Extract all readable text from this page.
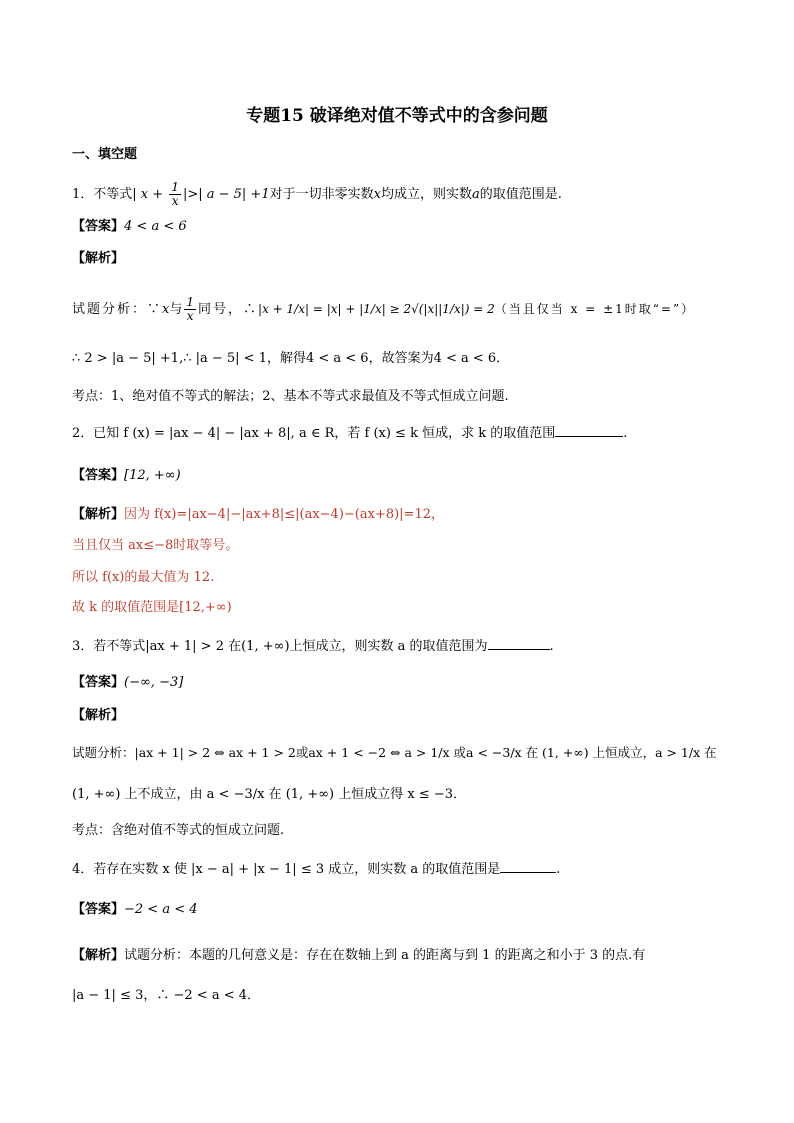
专题15 破译绝对值不等式中的含参问题
一、填空题
1．不等式| $x + \frac{1}{x}$ |>| a − 5| +1对于一切非零实数x均成立，则实数a的取值范围是.
【答案】4 < a < 6
【解析】
试题分析：∵x与 $\frac{1}{x}$ 同号，∴|x + 1/x| = |x| + |1/x| ≥ 2√(|x||1/x|) = 2（当且仅当 x = ±1时取“=”）
∴ 2 > |a − 5| +1,∴ |a − 5| < 1，解得4 < a < 6，故答案为4 < a < 6．
考点：1、绝对值不等式的解法；2、基本不等式求最值及不等式恒成立问题.
2．已知 f (x) = |ax − 4| − |ax + 8|, a ∈ R，若 f (x) ≤ k 恒成，求 k 的取值范围	.
【答案】[12, +∞)
【解析】因为 f(x)=|ax−4|−|ax+8|≤|(ax−4)−(ax+8)|=12，
当且仅当 ax≤−8时取等号。
所以 f(x)的最大值为 12.
故 k 的取值范围是[12,+∞)
3．若不等式|ax + 1| > 2 在(1, +∞)上恒成立，则实数 a 的取值范围为	.
【答案】(−∞, −3]
【解析】
试题分析：|ax + 1| > 2 ⇔ ax + 1 > 2或ax + 1 < −2 ⇔ a > 1/x 或a < −3/x 在 (1, +∞) 上恒成立，a > 1/x 在
(1, +∞) 上不成立，由 a < −3/x 在 (1, +∞) 上恒成立得 x ≤ −3．
考点：含绝对值不等式的恒成立问题.
4．若存在实数 x 使 |x − a| + |x − 1| ≤ 3 成立，则实数 a 的取值范围是	.
【答案】−2 < a < 4
【解析】试题分析：本题的几何意义是：存在在数轴上到 a 的距离与到 1 的距离之和小于 3 的点.有
|a − 1| ≤ 3，∴ −2 < a < 4．
